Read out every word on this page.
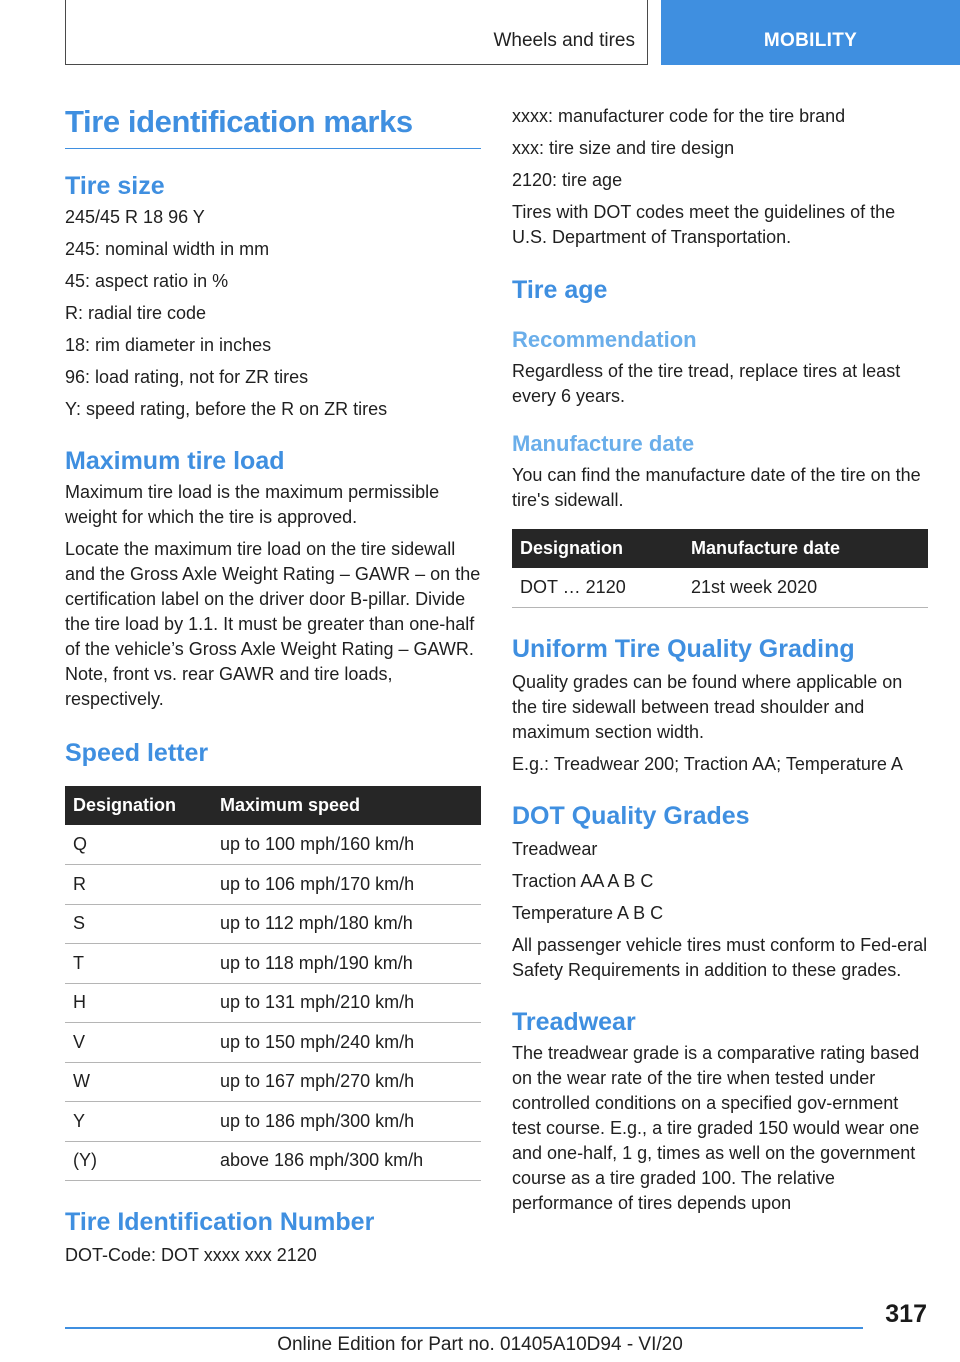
Wheels and tires	MOBILITY
Tire identification marks
Tire size

245/45 R 18 96 Y

245: nominal width in mm

45: aspect ratio in %

R: radial tire code

18: rim diameter in inches

96: load rating, not for ZR tires

Y: speed rating, before the R on ZR tires

Maximum tire load

Maximum tire load is the maximum permissible weight for which the tire is approved.

Locate the maximum tire load on the tire sidewall and the Gross Axle Weight Rating – GAWR – on the certification label on the driver door B-pillar. Divide the tire load by 1.1. It must be greater than one-half of the vehicle’s Gross Axle Weight Rating – GAWR. Note, front vs. rear GAWR and tire loads, respectively.

Speed letter
Designation	Maximum speed
Q	up to 100 mph/160 km/h
R	up to 106 mph/170 km/h
S	up to 112 mph/180 km/h
T	up to 118 mph/190 km/h
H	up to 131 mph/210 km/h
V	up to 150 mph/240 km/h
W	up to 167 mph/270 km/h
Y	up to 186 mph/300 km/h
(Y)	above 186 mph/300 km/h
Tire Identification Number

DOT-Code: DOT xxxx xxx 2120

xxxx: manufacturer code for the tire brand

xxx: tire size and tire design

2120: tire age

Tires with DOT codes meet the guidelines of the U.S. Department of Transportation.

Tire age
Recommendation

Regardless of the tire tread, replace tires at least every 6 years.

Manufacture date

You can find the manufacture date of the tire on the tire's sidewall.

Designation	Manufacture date
DOT … 2120	21st week 2020
Uniform Tire Quality Grading

Quality grades can be found where applicable on the tire sidewall between tread shoulder and maximum section width.

E.g.: Treadwear 200; Traction AA; Temperature A

DOT Quality Grades

Treadwear

Traction AA A B C

Temperature A B C

All passenger vehicle tires must conform to Fed-eral Safety Requirements in addition to these grades.

Treadwear

The treadwear grade is a comparative rating based on the wear rate of the tire when tested under controlled conditions on a specified gov-ernment test course. E.g., a tire graded 150 would wear one and one-half, 1 g, times as well on the government course as a tire graded 100. The relative performance of tires depends upon

317
Online Edition for Part no. 01405A10D94 - VI/20
